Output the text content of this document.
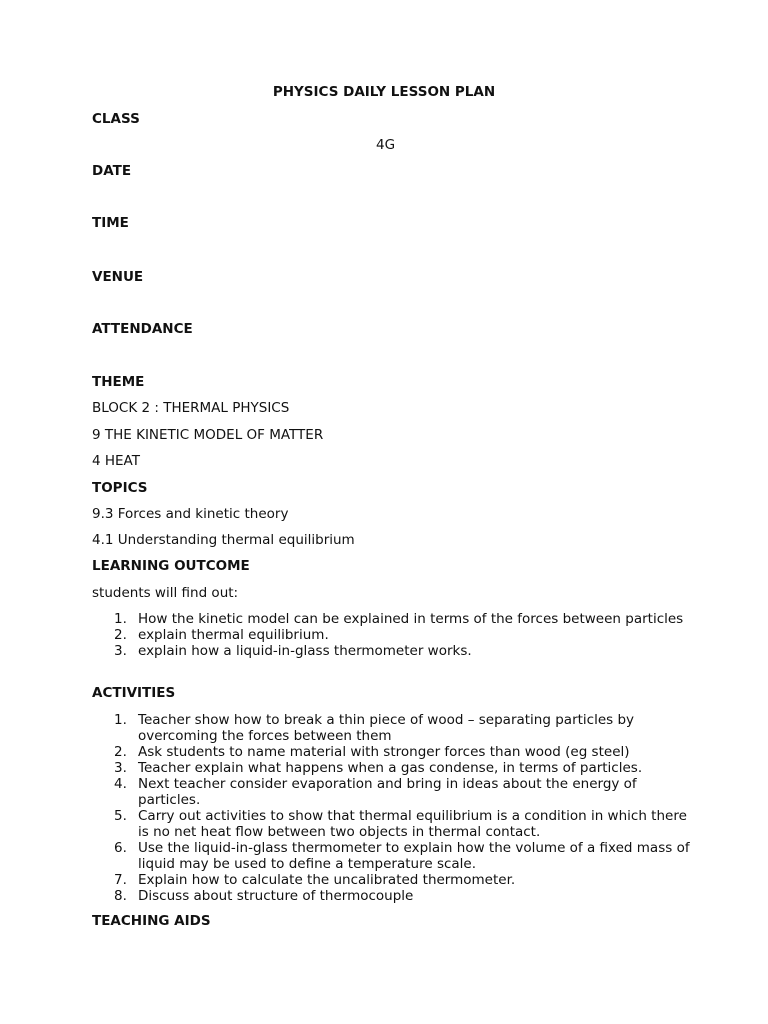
PHYSICS DAILY LESSON PLAN
CLASS
4G
DATE
TIME
VENUE
ATTENDANCE
THEME
BLOCK 2 : THERMAL PHYSICS
9 THE KINETIC MODEL OF MATTER
4 HEAT
TOPICS
9.3 Forces and kinetic theory
4.1 Understanding thermal equilibrium
LEARNING OUTCOME
students will find out:
1. How the kinetic model can be explained in terms of the forces between particles
2. explain thermal equilibrium.
3. explain how a liquid-in-glass thermometer works.
ACTIVITIES
1. Teacher show how to break a thin piece of wood – separating particles by overcoming the forces between them
2. Ask students to name material with stronger forces than wood (eg steel)
3. Teacher explain what happens when a gas condense, in terms of particles.
4. Next teacher consider evaporation and bring in ideas about the energy of particles.
5. Carry out activities to show that thermal equilibrium is a condition in which there is no net heat flow between two objects in thermal contact.
6. Use the liquid-in-glass thermometer to explain how the volume of a fixed mass of liquid may be used to define a temperature scale.
7. Explain how to calculate the uncalibrated thermometer.
8. Discuss about structure of thermocouple
TEACHING AIDS
